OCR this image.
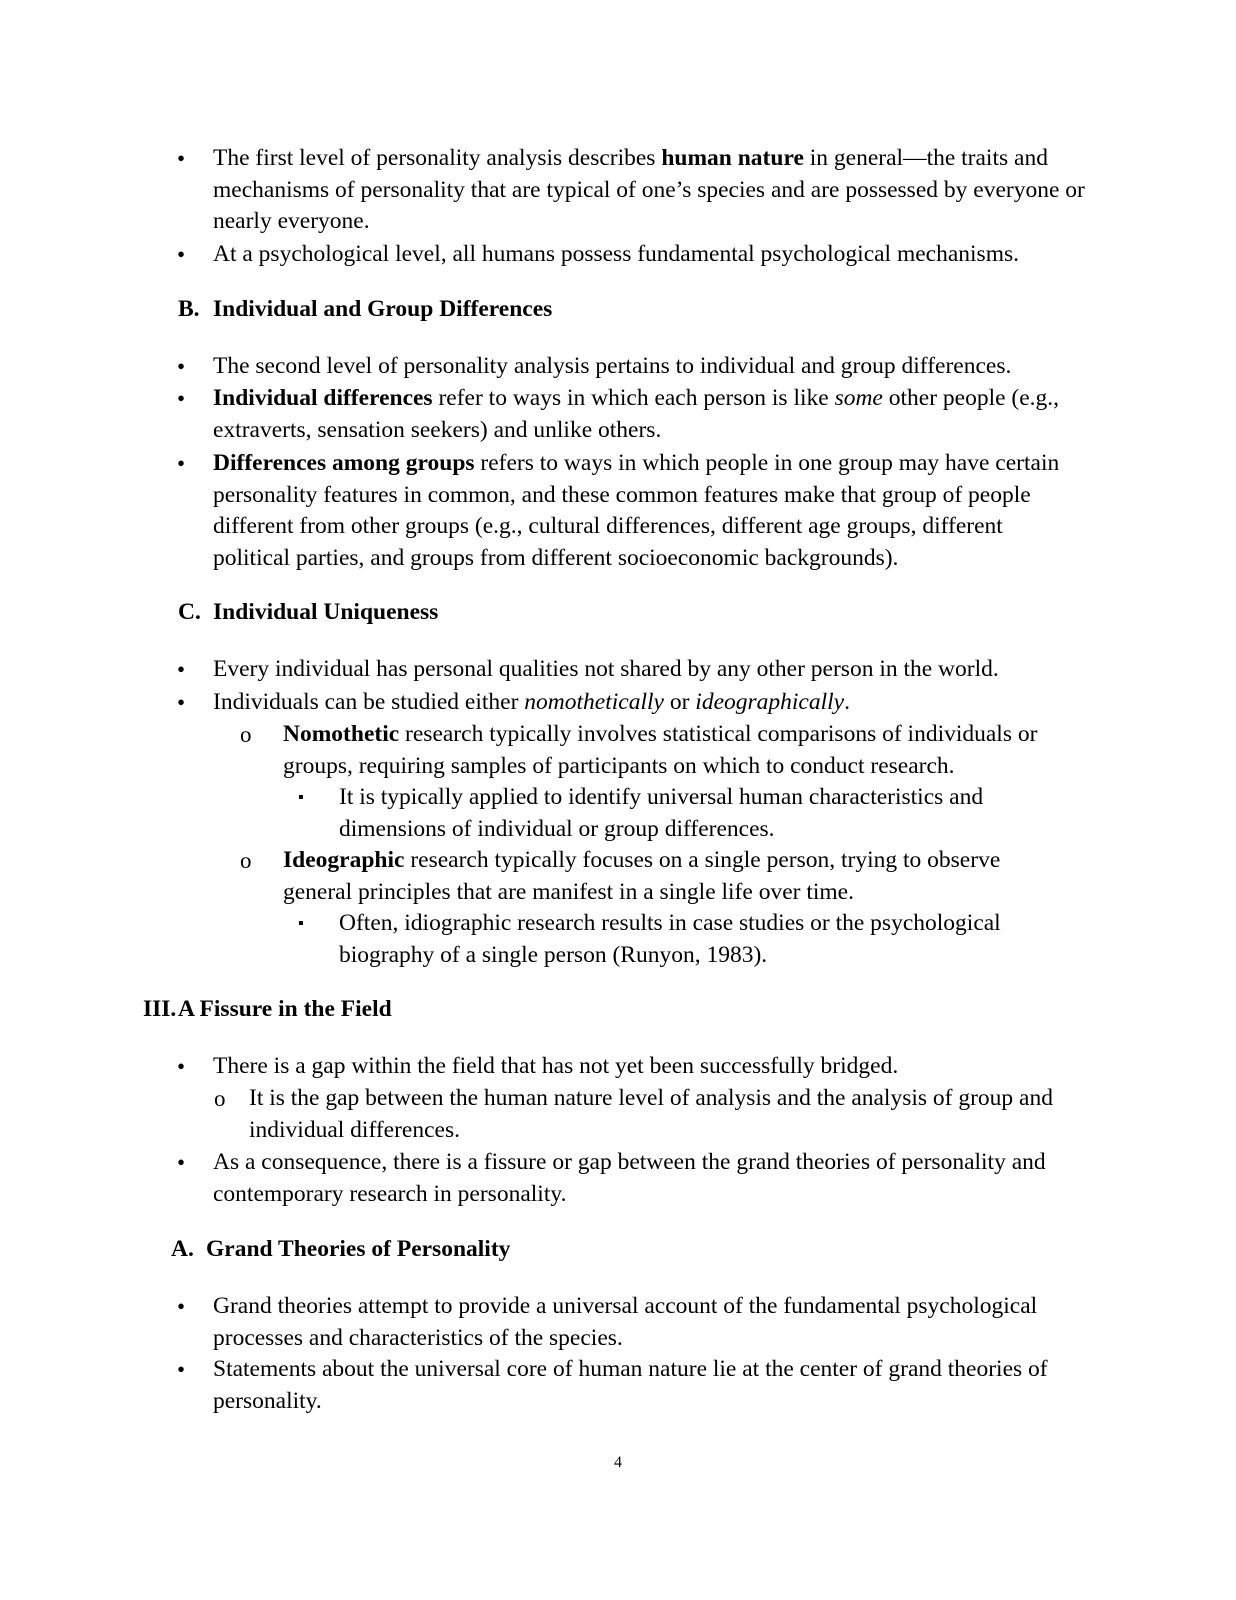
• The first level of personality analysis describes human nature in general—the traits and mechanisms of personality that are typical of one’s species and are possessed by everyone or nearly everyone.

• At a psychological level, all humans possess fundamental psychological mechanisms.

B. Individual and Group Differences

• The second level of personality analysis pertains to individual and group differences.

• Individual differences refer to ways in which each person is like some other people (e.g., extraverts, sensation seekers) and unlike others.

• Differences among groups refers to ways in which people in one group may have certain personality features in common, and these common features make that group of people different from other groups (e.g., cultural differences, different age groups, different political parties, and groups from different socioeconomic backgrounds).

C. Individual Uniqueness

• Every individual has personal qualities not shared by any other person in the world.

• Individuals can be studied either nomothetically or ideographically.

o Nomothetic research typically involves statistical comparisons of individuals or groups, requiring samples of participants on which to conduct research.

▪ It is typically applied to identify universal human characteristics and dimensions of individual or group differences.

o Ideographic research typically focuses on a single person, trying to observe general principles that are manifest in a single life over time.

▪ Often, idiographic research results in case studies or the psychological biography of a single person (Runyon, 1983).

III.A Fissure in the Field

• There is a gap within the field that has not yet been successfully bridged.

o It is the gap between the human nature level of analysis and the analysis of group and individual differences.

• As a consequence, there is a fissure or gap between the grand theories of personality and contemporary research in personality.

A. Grand Theories of Personality

• Grand theories attempt to provide a universal account of the fundamental psychological processes and characteristics of the species.

• Statements about the universal core of human nature lie at the center of grand theories of personality.

4
